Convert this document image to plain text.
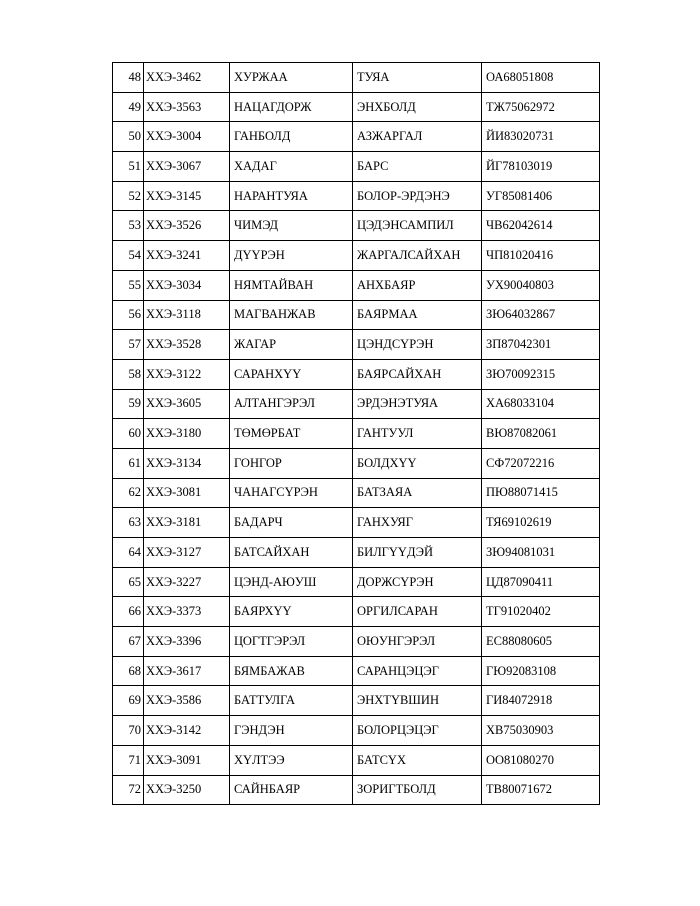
48	ХХЭ-3462	ХУРЖАА	ТУЯА	ОА68051808
49	ХХЭ-3563	НАЦАГДОРЖ	ЭНХБОЛД	ТЖ75062972
50	ХХЭ-3004	ГАНБОЛД	АЗЖАРГАЛ	ЙИ83020731
51	ХХЭ-3067	ХАДАГ	БАРС	ЙГ78103019
52	ХХЭ-3145	НАРАНТУЯА	БОЛОР-ЭРДЭНЭ	УГ85081406
53	ХХЭ-3526	ЧИМЭД	ЦЭДЭНСАМПИЛ	ЧВ62042614
54	ХХЭ-3241	ДҮҮРЭН	ЖАРГАЛСАЙХАН	ЧП81020416
55	ХХЭ-3034	НЯМТАЙВАН	АНХБАЯР	УХ90040803
56	ХХЭ-3118	МАГВАНЖАВ	БАЯРМАА	ЗЮ64032867
57	ХХЭ-3528	ЖАГАР	ЦЭНДСҮРЭН	ЗП87042301
58	ХХЭ-3122	САРАНХҮҮ	БАЯРСАЙХАН	ЗЮ70092315
59	ХХЭ-3605	АЛТАНГЭРЭЛ	ЭРДЭНЭТУЯА	ХА68033104
60	ХХЭ-3180	ТӨМӨРБАТ	ГАНТУУЛ	ВЮ87082061
61	ХХЭ-3134	ГОНГОР	БОЛДХҮҮ	СФ72072216
62	ХХЭ-3081	ЧАНАГСҮРЭН	БАТЗАЯА	ПЮ88071415
63	ХХЭ-3181	БАДАРЧ	ГАНХУЯГ	ТЯ69102619
64	ХХЭ-3127	БАТСАЙХАН	БИЛГҮҮДЭЙ	ЗЮ94081031
65	ХХЭ-3227	ЦЭНД-АЮУШ	ДОРЖСҮРЭН	ЦД87090411
66	ХХЭ-3373	БАЯРХҮҮ	ОРГИЛСАРАН	ТГ91020402
67	ХХЭ-3396	ЦОГТГЭРЭЛ	ОЮУНГЭРЭЛ	ЕС88080605
68	ХХЭ-3617	БЯМБАЖАВ	САРАНЦЭЦЭГ	ГЮ92083108
69	ХХЭ-3586	БАТТУЛГА	ЭНХТҮВШИН	ГИ84072918
70	ХХЭ-3142	ГЭНДЭН	БОЛОРЦЭЦЭГ	ХВ75030903
71	ХХЭ-3091	ХҮЛТЭЭ	БАТСҮХ	ОО81080270
72	ХХЭ-3250	САЙНБАЯР	ЗОРИГТБОЛД	ТВ80071672
